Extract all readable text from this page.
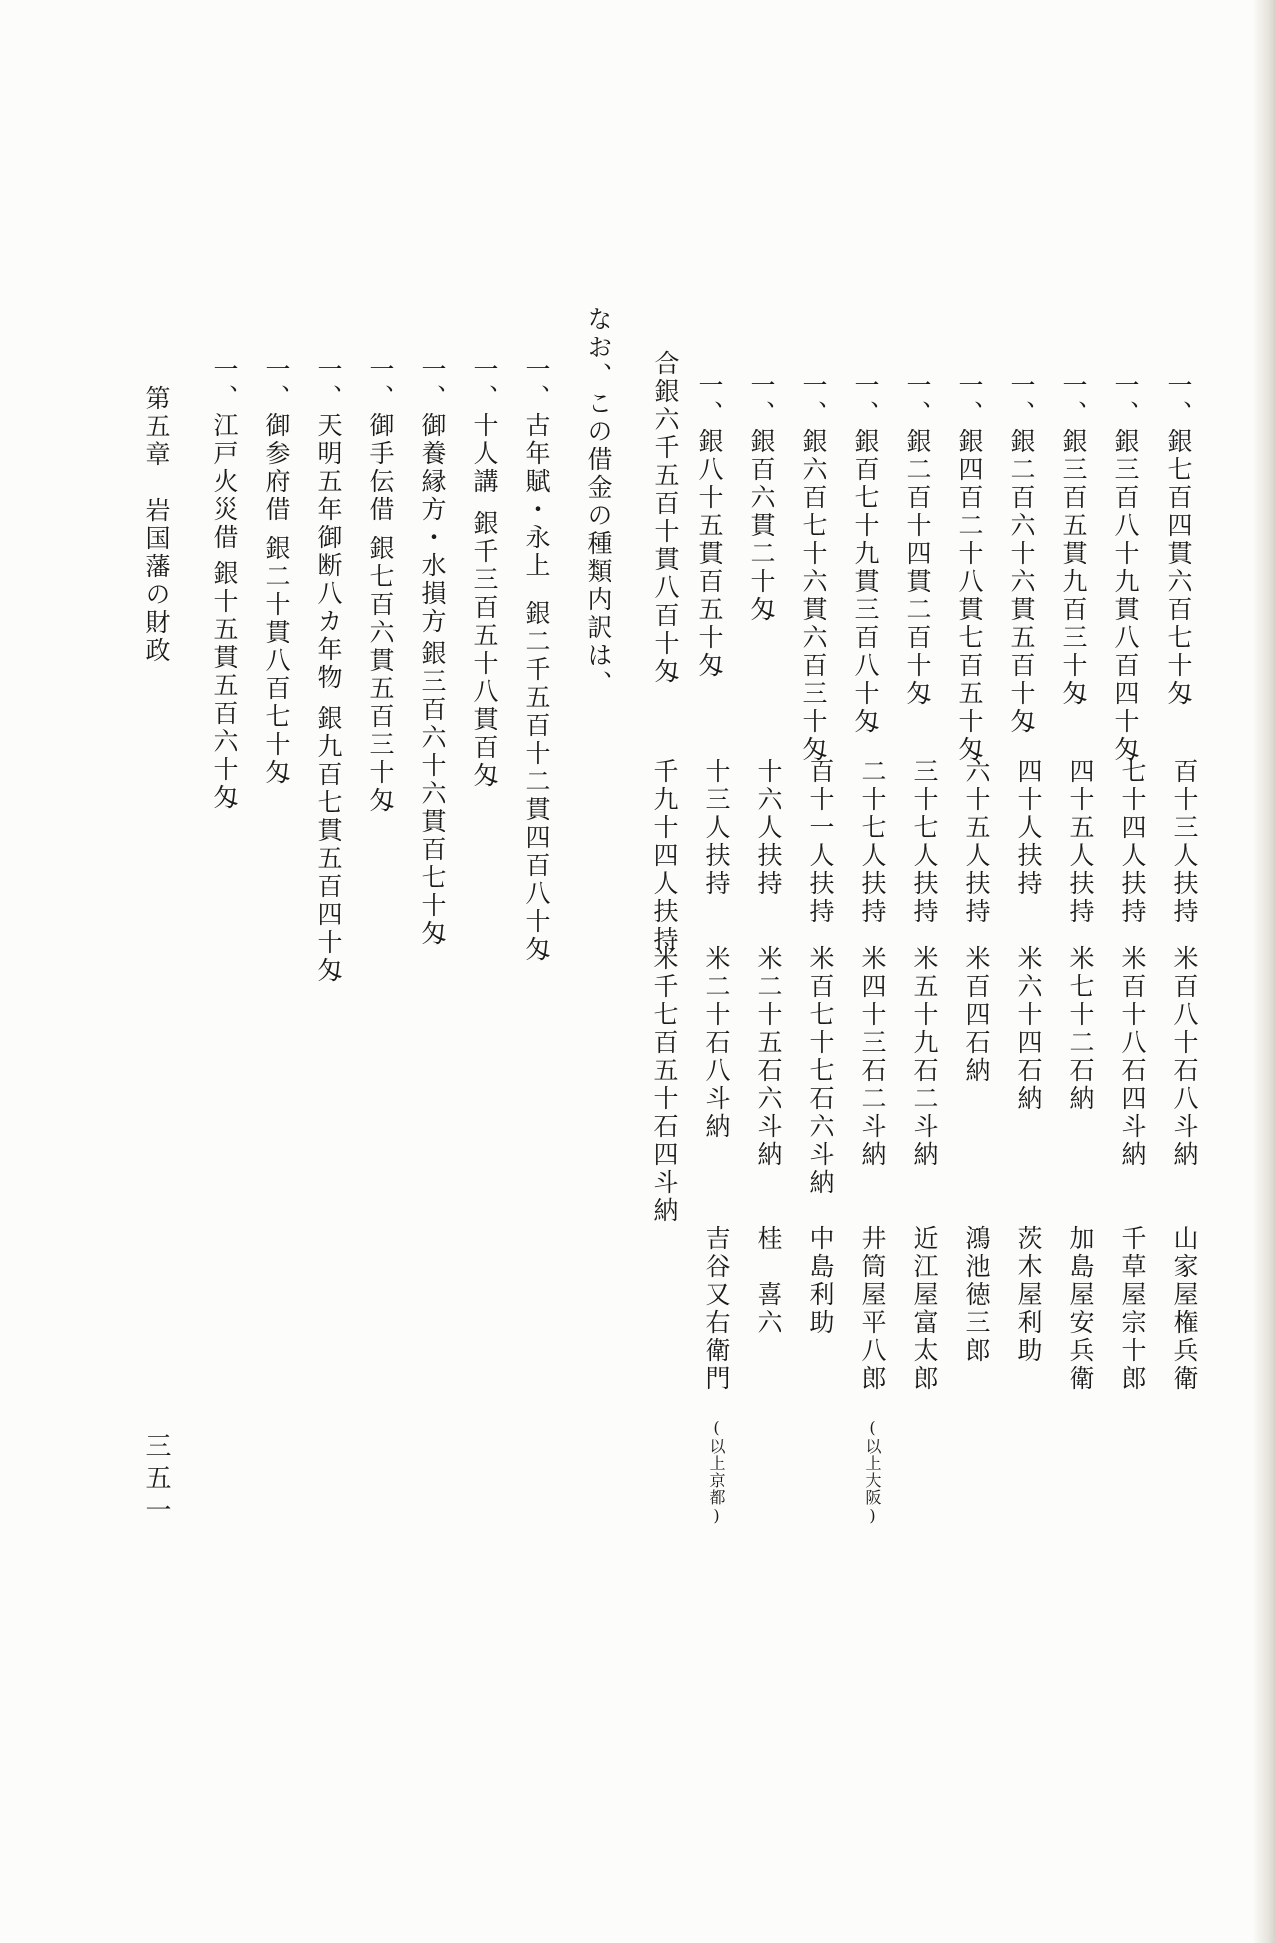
一、銀七百四貫六百七十匁
百十三人扶持
米百八十石八斗納
山家屋権兵衛
一、銀三百八十九貫八百四十匁
七十四人扶持
米百十八石四斗納
千草屋宗十郎
一、銀三百五貫九百三十匁
四十五人扶持
米七十二石納
加島屋安兵衛
一、銀二百六十六貫五百十匁
四十人扶持
米六十四石納
茨木屋利助
一、銀四百二十八貫七百五十匁
六十五人扶持
米百四石納
鴻池徳三郎
一、銀二百十四貫二百十匁
三十七人扶持
米五十九石二斗納
近江屋富太郎
一、銀百七十九貫三百八十匁
二十七人扶持
米四十三石二斗納
井筒屋平八郎
(以上大阪)
一、銀六百七十六貫六百三十匁
百十一人扶持
米百七十七石六斗納
中島利助
一、銀百六貫二十匁
十六人扶持
米二十五石六斗納
桂　喜六
一、銀八十五貫百五十匁
十三人扶持
米二十石八斗納
吉谷又右衛門
(以上京都)
合銀六千五百十貫八百十匁
千九十四人扶持
米千七百五十石四斗納
なお、この借金の種類内訳は、
一、古年賦・永上
銀二千五百十二貫四百八十匁
一、十人講
銀千三百五十八貫百匁
一、御養縁方・水損方
銀三百六十六貫百七十匁
一、御手伝借
銀七百六貫五百三十匁
一、天明五年御断八カ年物
銀九百七貫五百四十匁
一、御参府借
銀二十貫八百七十匁
一、江戸火災借
銀十五貫五百六十匁
第五章　岩国藩の財政
三五一
